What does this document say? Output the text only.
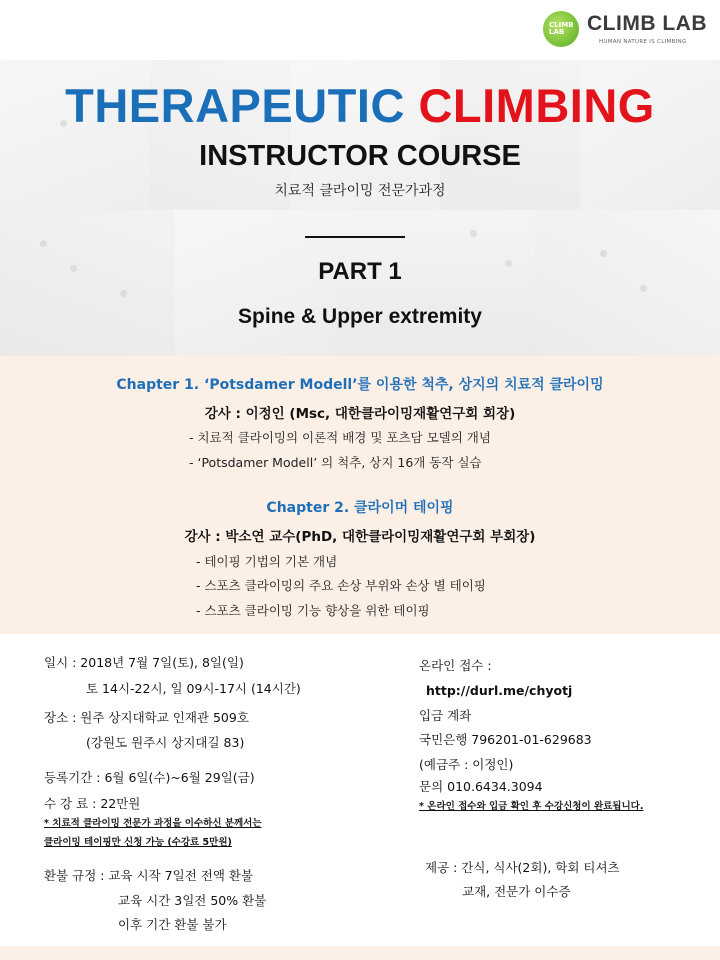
CLIMB LAB	CLIMB LAB
HUMAN NATURE IS CLIMBING
THERAPEUTIC CLIMBING
INSTRUCTOR COURSE
치료적 클라이밍 전문가과정
PART 1
Spine & Upper extremity
Chapter 1. ‘Potsdamer Modell’를 이용한 척추, 상지의 치료적 클라이밍
강사 : 이정인 (Msc, 대한클라이밍재활연구회 회장)
- 치료적 클라이밍의 이론적 배경 및 포츠담 모델의 개념
- ‘Potsdamer Modell’ 의 척추, 상지 16개 동작 실습
Chapter 2. 클라이머 테이핑
강사 : 박소연 교수(PhD, 대한클라이밍재활연구회 부회장)
- 테이핑 기법의 기본 개념
- 스포츠 클라이밍의 주요 손상 부위와 손상 별 테이핑
- 스포츠 클라이밍 기능 향상을 위한 테이핑
일시 : 2018년 7월 7일(토), 8일(일)
토 14시-22시, 일 09시-17시 (14시간)
장소 : 원주 상지대학교 인재관 509호
(강원도 원주시 상지대길 83)
등록기간 : 6월 6일(수)~6월 29일(금)
수 강 료 : 22만원
* 치료적 클라이밍 전문가 과정을 이수하신 분께서는
클라이밍 테이핑만 신청 가능 (수강료 5만원)
환불 규정 : 교육 시작 7일전 전액 환불
교육 시간 3일전 50% 환불
이후 기간 환불 불가
온라인 접수 :
http://durl.me/chyotj
입금 계좌
국민은행 796201-01-629683
(예금주 : 이정인)
문의 010.6434.3094
* 온라인 접수와 입금 확인 후 수강신청이 완료됩니다.
제공 : 간식, 식사(2회), 학회 티셔츠
교재, 전문가 이수증
